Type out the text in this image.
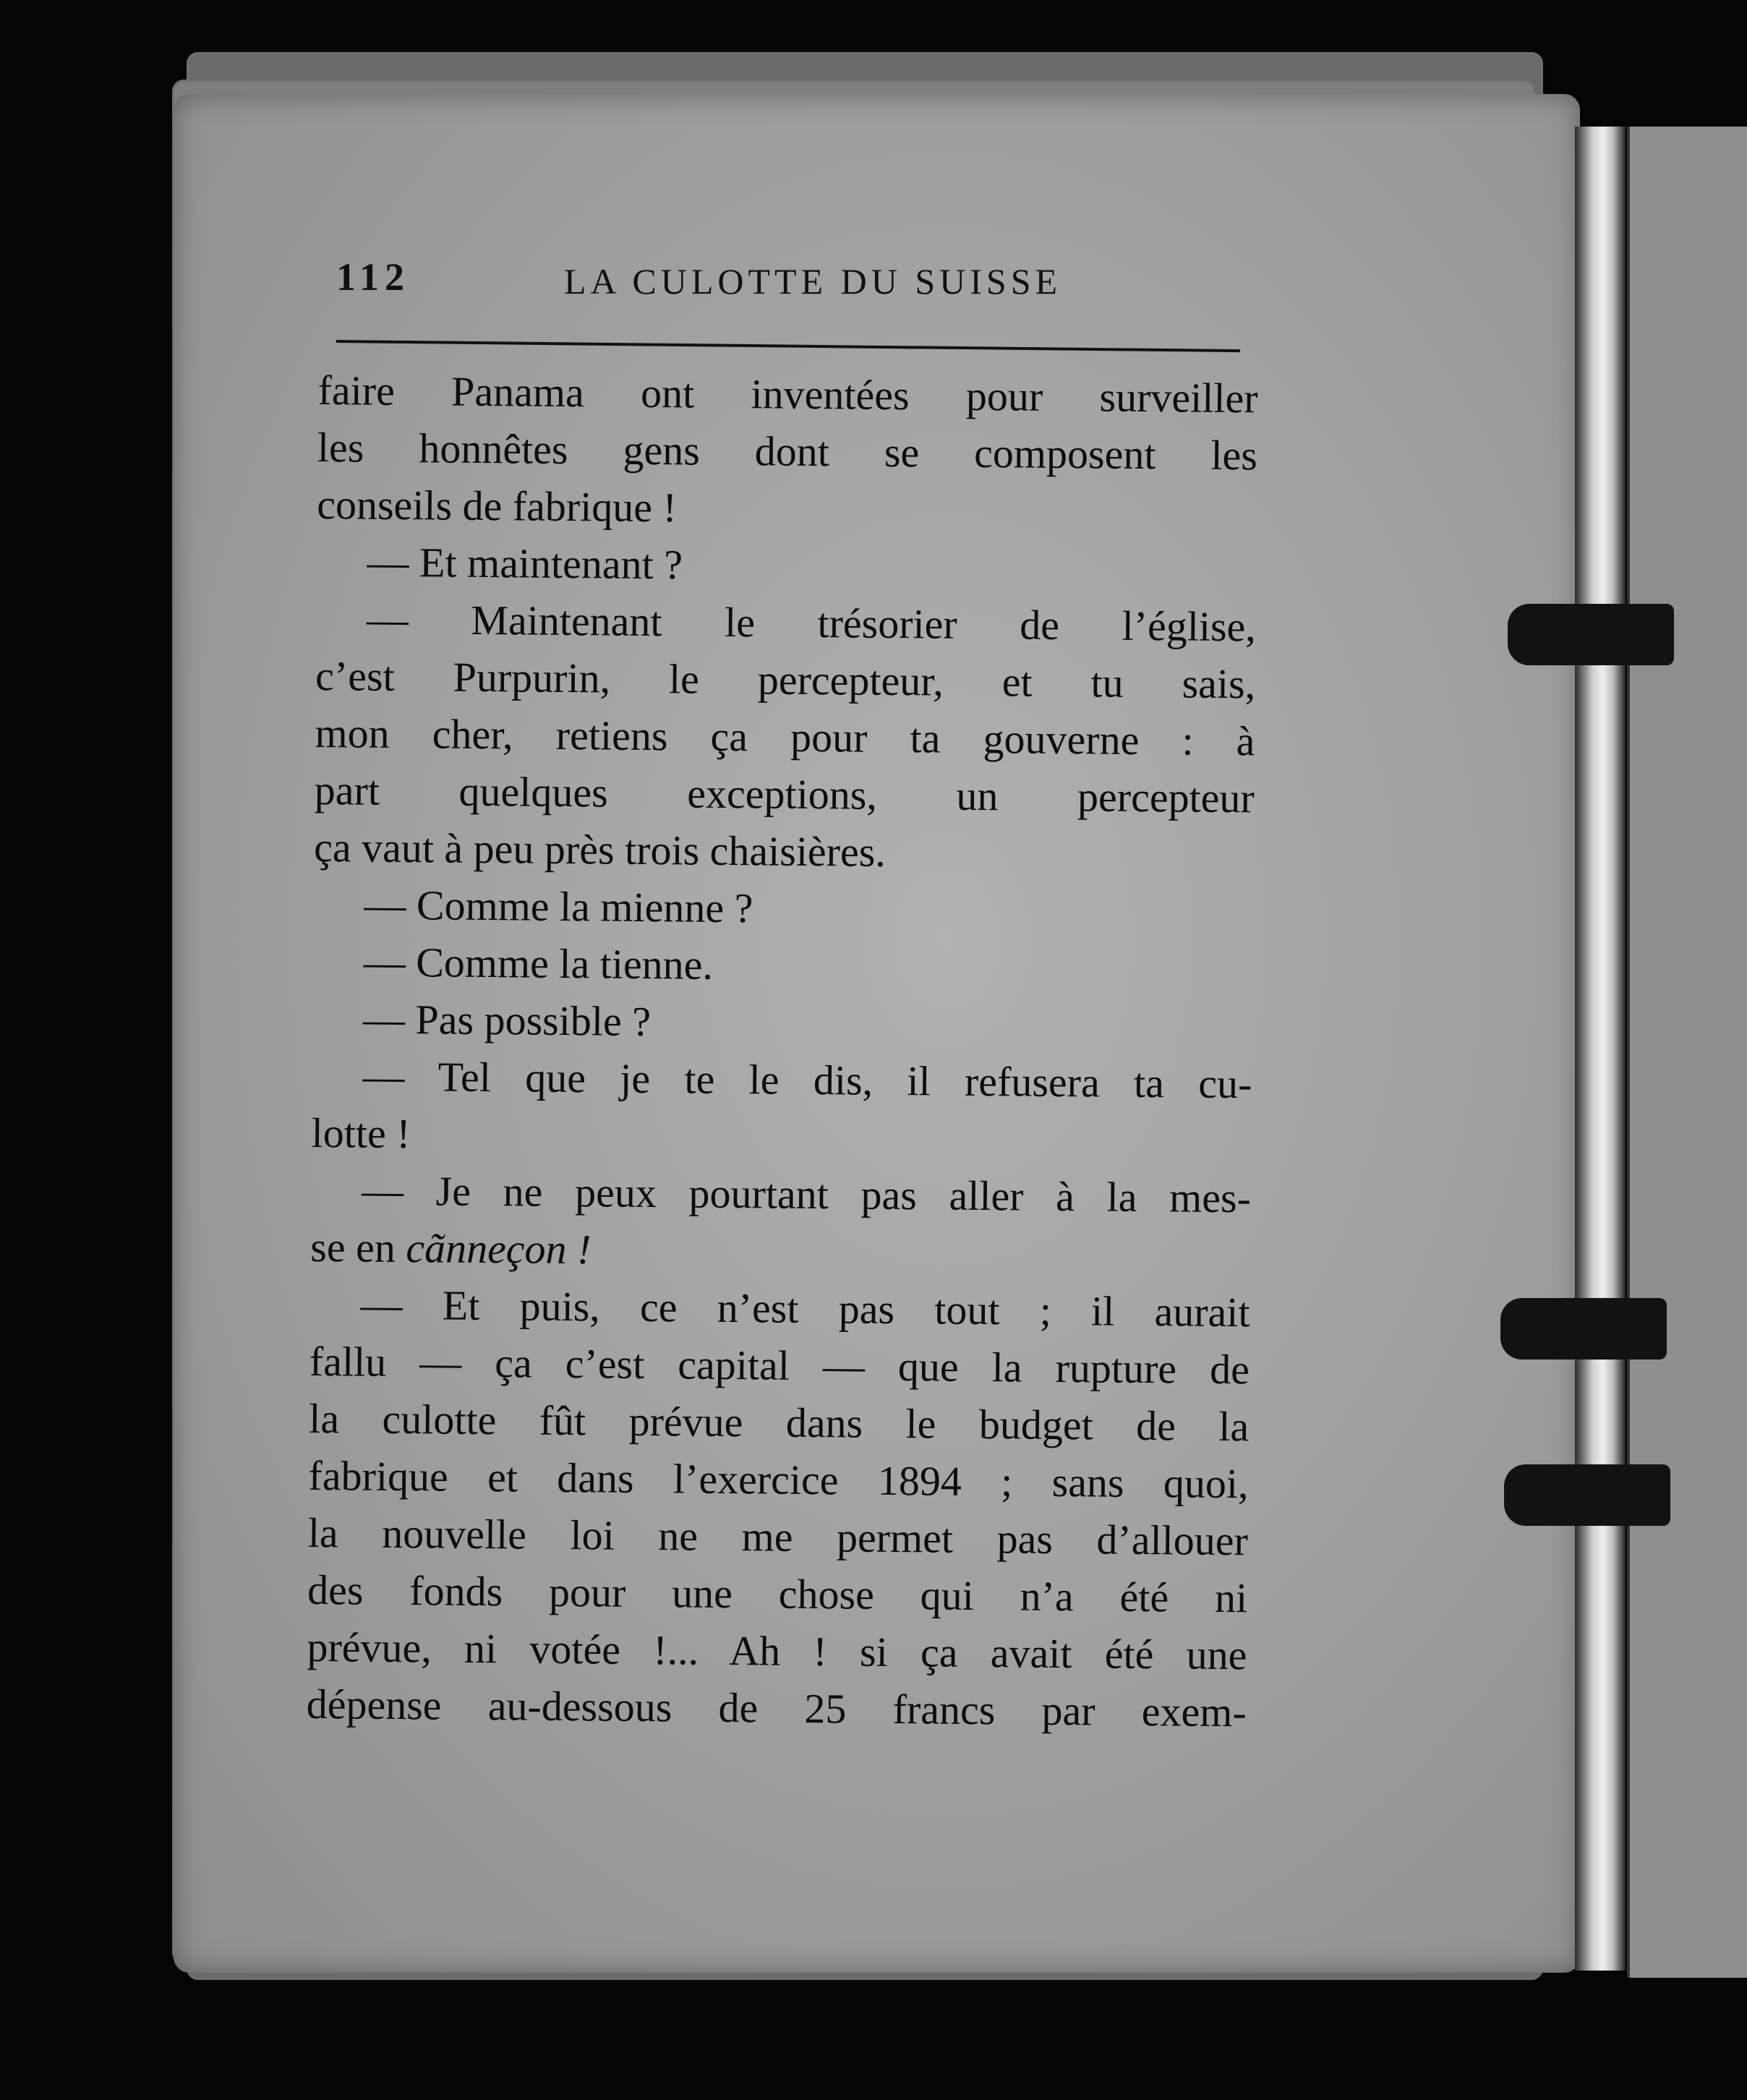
112	LA CULOTTE DU SUISSE
faire Panama ont inventées pour surveiller
les honnêtes gens dont se composent les
conseils de fabrique !
— Et maintenant ?
— Maintenant le trésorier de l’église,
c’est Purpurin, le percepteur, et tu sais,
mon cher, retiens ça pour ta gouverne : à
part quelques exceptions, un percepteur
ça vaut à peu près trois chaisières.
— Comme la mienne ?
— Comme la tienne.
— Pas possible ?
— Tel que je te le dis, il refusera ta cu-
lotte !
— Je ne peux pourtant pas aller à la mes-
se en cãnneçon !
— Et puis, ce n’est pas tout ; il aurait
fallu — ça c’est capital — que la rupture de
la culotte fût prévue dans le budget de la
fabrique et dans l’exercice 1894 ; sans quoi,
la nouvelle loi ne me permet pas d’allouer
des fonds pour une chose qui n’a été ni
prévue, ni votée !... Ah ! si ça avait été une
dépense au-dessous de 25 francs par exem-
